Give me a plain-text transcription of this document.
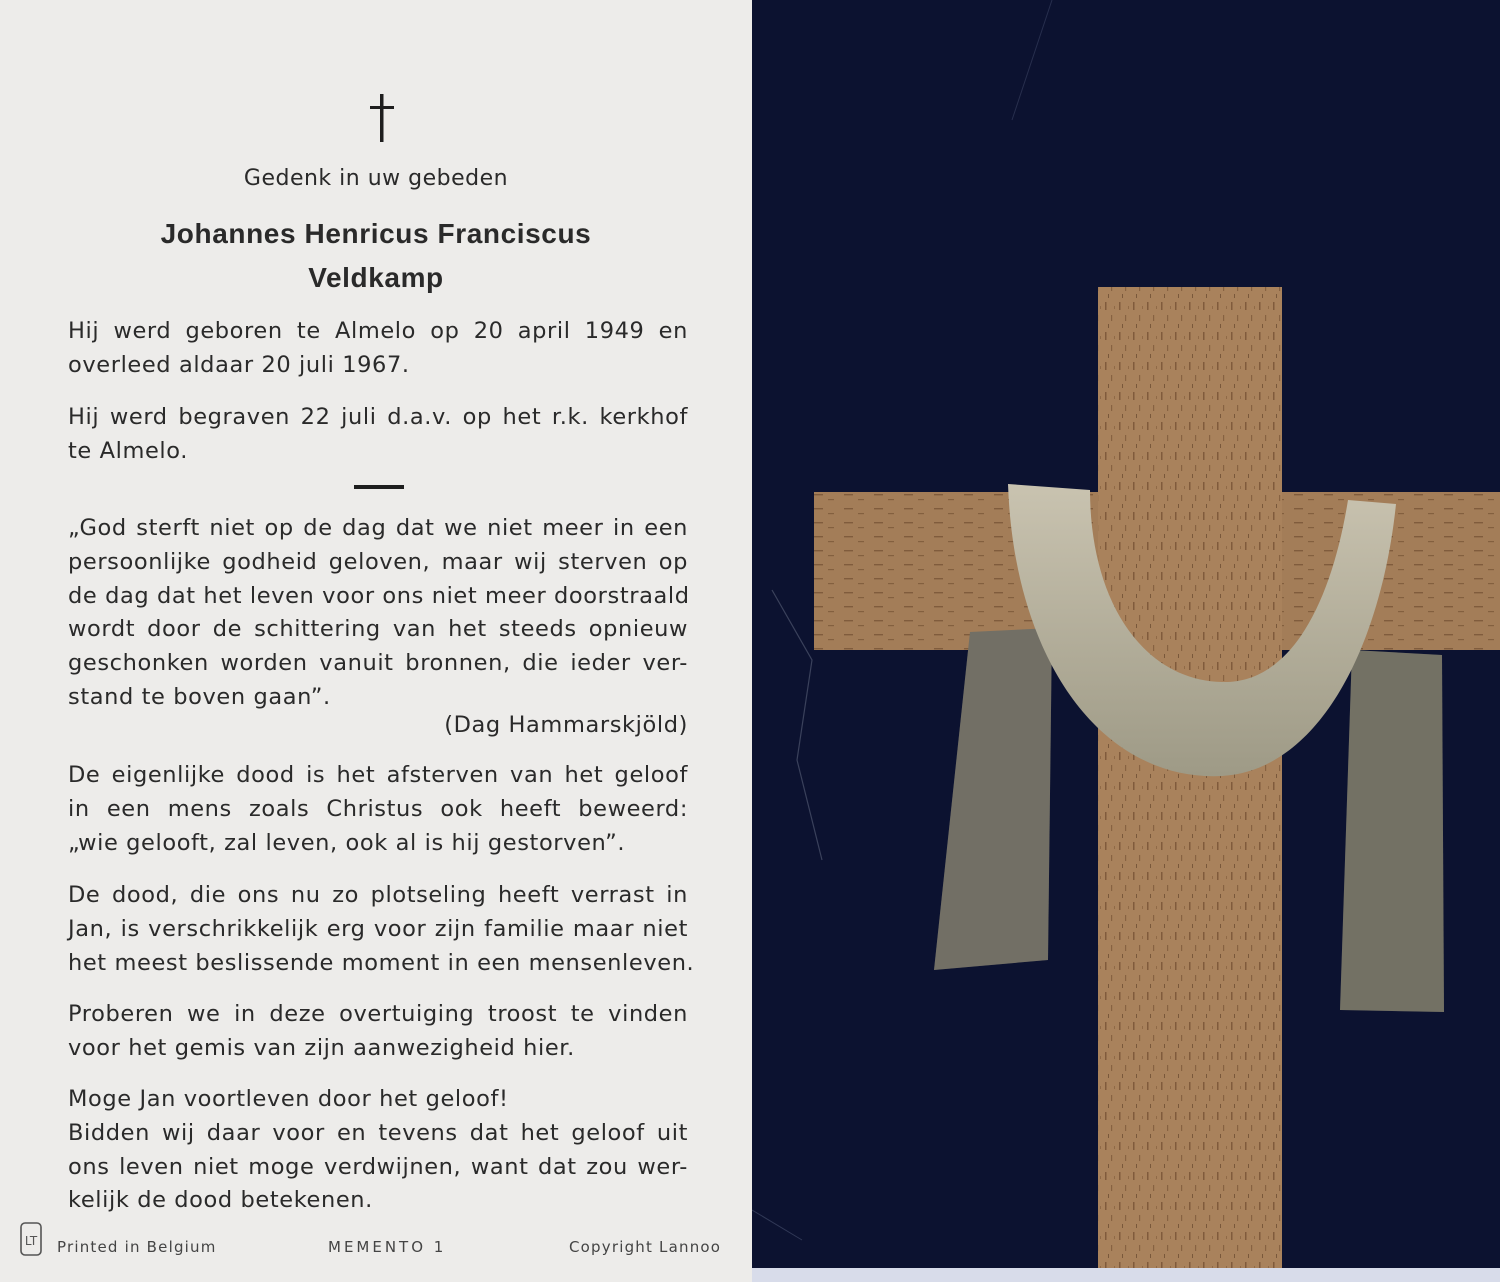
Gedenk in uw gebeden
Johannes Henricus Franciscus
Veldkamp
Hij werd geboren te Almelo op 20 april 1949 en
overleed aldaar 20 juli 1967.
Hij werd begraven 22 juli d.a.v. op het r.k. kerkhof
te Almelo.
„God sterft niet op de dag dat we niet meer in een
persoonlijke godheid geloven, maar wij sterven op
de dag dat het leven voor ons niet meer doorstraald
wordt door de schittering van het steeds opnieuw
geschonken worden vanuit bronnen, die ieder ver-
stand te boven gaan”.
(Dag Hammarskjöld)
De eigenlijke dood is het afsterven van het geloof
in een mens zoals Christus ook heeft beweerd:
„wie gelooft, zal leven, ook al is hij gestorven”.
De dood, die ons nu zo plotseling heeft verrast in
Jan, is verschrikkelijk erg voor zijn familie maar niet
het meest beslissende moment in een mensenleven.
Proberen we in deze overtuiging troost te vinden
voor het gemis van zijn aanwezigheid hier.
Moge Jan voortleven door het geloof!
Bidden wij daar voor en tevens dat het geloof uit
ons leven niet moge verdwijnen, want dat zou wer-
kelijk de dood betekenen.
LT Printed in Belgium	MEMENTO 1	Copyright Lannoo
